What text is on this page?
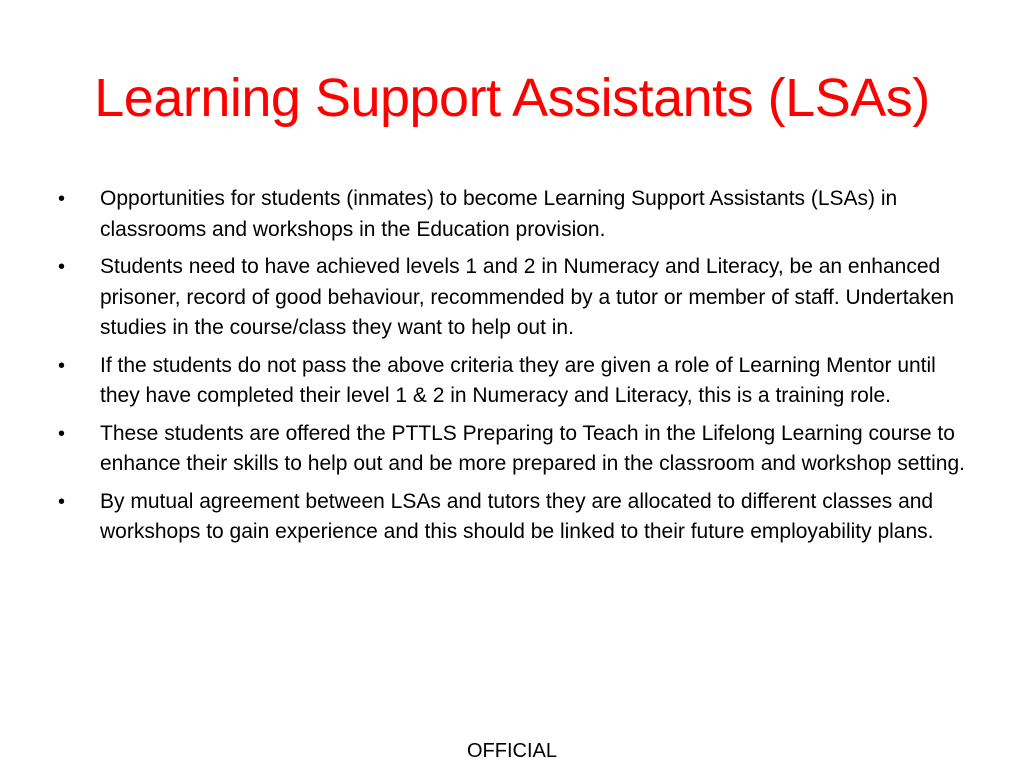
Learning Support Assistants (LSAs)
•	Opportunities for students (inmates) to become Learning Support Assistants (LSAs) in classrooms and workshops in the Education provision.
•	Students need to have achieved levels 1 and 2 in Numeracy and Literacy, be an enhanced prisoner, record of good behaviour, recommended by a tutor or member of staff. Undertaken studies in the course/class they want to help out in.
•	If the students do not pass the above criteria they are given a role of Learning Mentor until they have completed their level 1 & 2 in Numeracy and Literacy, this is a training role.
•	These students are offered the PTTLS Preparing to Teach in the Lifelong Learning course to enhance their skills to help out and be more prepared in the classroom and workshop setting.
•	By mutual agreement between LSAs and tutors they are allocated to different classes and workshops to gain experience and this should be linked to their future employability plans.
OFFICIAL
